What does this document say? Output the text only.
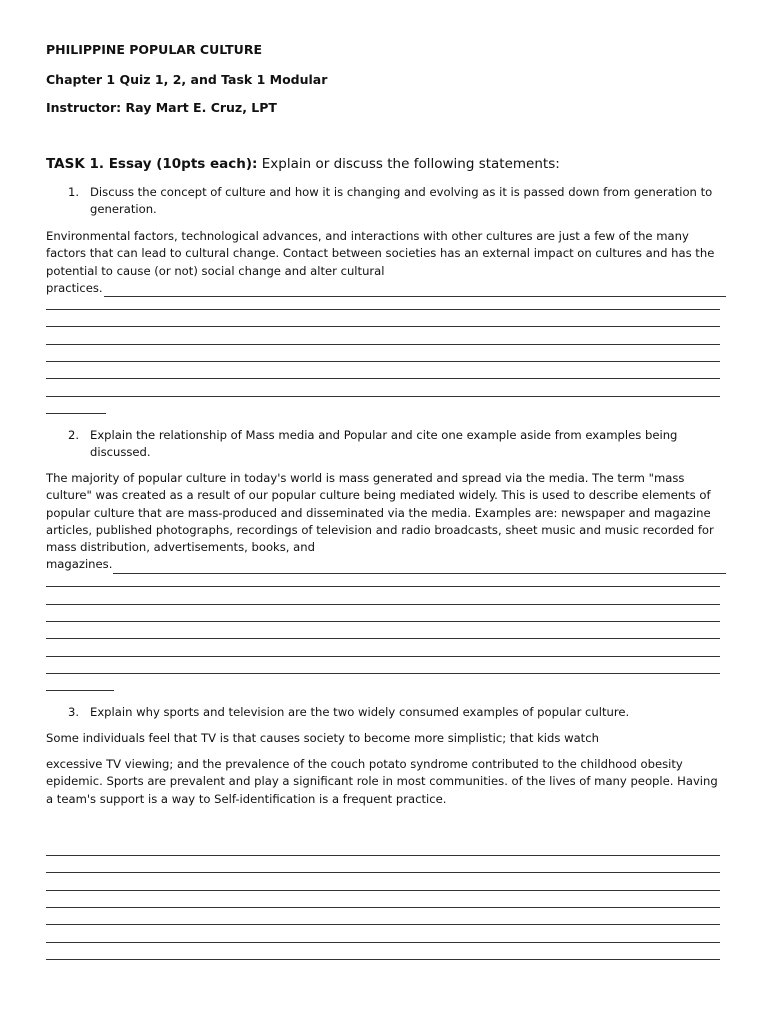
PHILIPPINE POPULAR CULTURE
Chapter 1 Quiz 1, 2, and Task 1 Modular
Instructor: Ray Mart E. Cruz, LPT
TASK 1. Essay (10pts each): Explain or discuss the following statements:
1. Discuss the concept of culture and how it is changing and evolving as it is passed down from generation to generation.

Environmental factors, technological advances, and interactions with other cultures are just a few of the many factors that can lead to cultural change. Contact between societies has an external impact on cultures and has the potential to cause (or not) social change and alter cultural

practices.
2. Explain the relationship of Mass media and Popular and cite one example aside from examples being discussed.

The majority of popular culture in today's world is mass generated and spread via the media. The term "mass culture" was created as a result of our popular culture being mediated widely. This is used to describe elements of popular culture that are mass-produced and disseminated via the media. Examples are: newspaper and magazine articles, published photographs, recordings of television and radio broadcasts, sheet music and music recorded for mass distribution, advertisements, books, and

magazines.
3. Explain why sports and television are the two widely consumed examples of popular culture.

Some individuals feel that TV is that causes society to become more simplistic; that kids watch

excessive TV viewing; and the prevalence of the couch potato syndrome contributed to the childhood obesity epidemic. Sports are prevalent and play a significant role in most communities. of the lives of many people. Having a team's support is a way to Self-identification is a frequent practice.
